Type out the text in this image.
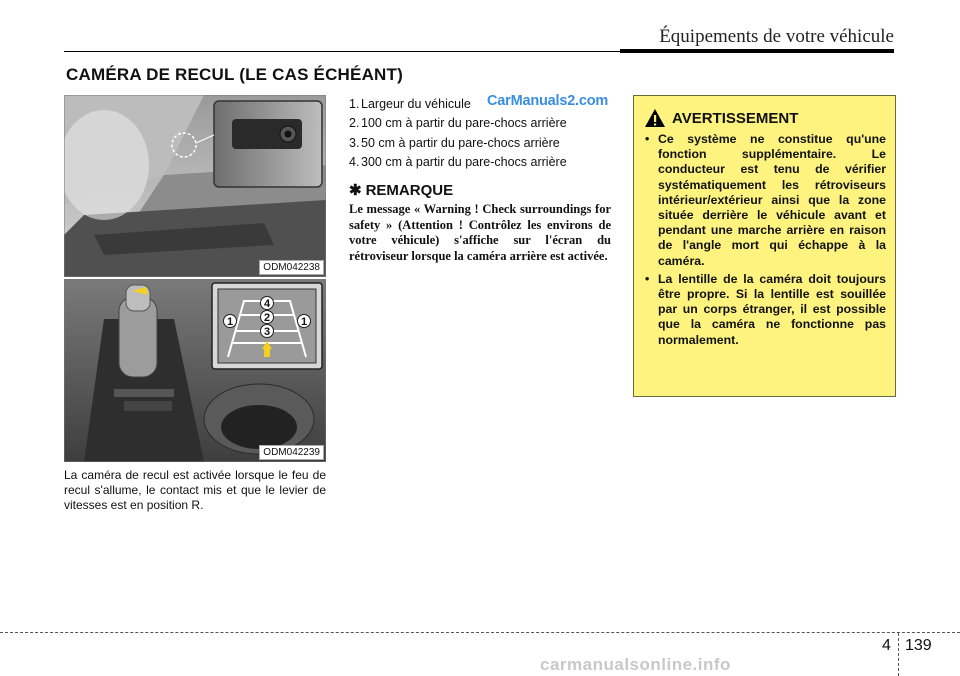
Équipements de votre véhicule
CAMÉRA DE RECUL (LE CAS ÉCHÉANT)
ODM042238
4
2
1
3
1
ODM042239
La caméra de recul est activée lorsque le feu de recul s'allume, le contact mis et que le levier de vitesses est en position R.
1. Largeur du véhicule
2. 100 cm à partir du pare-chocs arrière
3. 50 cm à partir du pare-chocs arrière
4. 300 cm à partir du pare-chocs arrière
CarManuals2.com
✱ REMARQUE
Le message « Warning ! Check surroundings for safety » (Attention ! Contrôlez les environs de votre véhicule) s'affiche sur l'écran du rétroviseur lorsque la caméra arrière est activée.
AVERTISSEMENT
• Ce système ne constitue qu'une fonction supplémentaire. Le conducteur est tenu de vérifier systématiquement les rétroviseurs intérieur/extérieur ainsi que la zone située derrière le véhicule avant et pendant une marche arrière en raison de l'angle mort qui échappe à la caméra.
• La lentille de la caméra doit toujours être propre. Si la lentille est souillée par un corps étranger, il est possible que la caméra ne fonctionne pas normalement.
4 139
carmanualsonline.info
